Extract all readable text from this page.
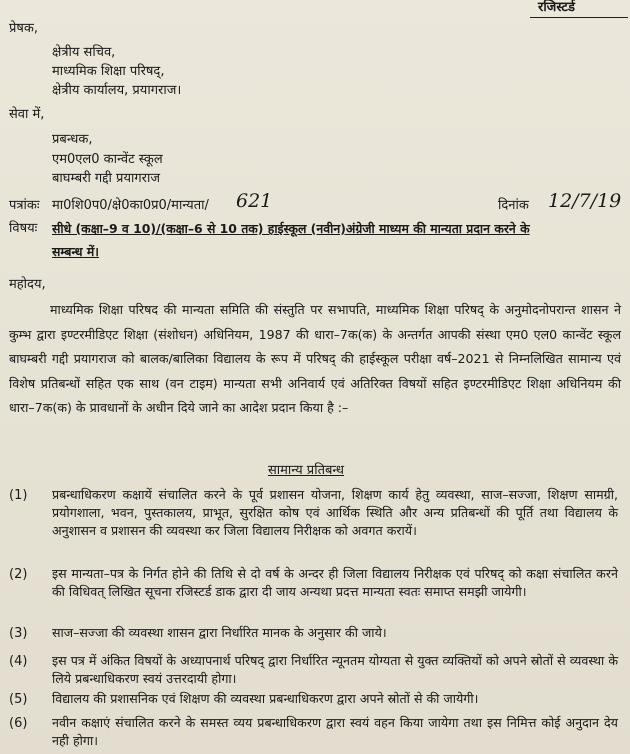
रजिस्टर्ड
प्रेषक,
क्षेत्रीय सचिव,
माध्यमिक शिक्षा परिषद्,
क्षेत्रीय कार्यालय, प्रयागराज।
सेवा में,
प्रबन्धक,
एम0एल0 कान्वेंट स्कूल
बाघम्बरी गद्दी प्रयागराज
पत्रांकः मा0शि0प0/क्षे0का0प्र0/मान्यता/ 621	दिनांक 12/7/19
विषयः सीधे (कक्षा–9 व 10)/(कक्षा–6 से 10 तक) हाईस्कूल (नवीन)अंग्रेजी माध्यम की मान्यता प्रदान करने के
सम्बन्ध में।
महोदय,
माध्यमिक शिक्षा परिषद की मान्यता समिति की संस्तुति पर सभापति, माध्यमिक शिक्षा परिषद् के अनुमोदनोपरान्त शासन ने कुम्भ द्वारा इण्टरमीडिएट शिक्षा (संशोधन) अधिनियम, 1987 की धारा–7क(क) के अन्तर्गत आपकी संस्था एम0 एल0 कान्वेंट स्कूल बाघम्बरी गद्दी प्रयागराज को बालक/बालिका विद्यालय के रूप में परिषद् की हाईस्कूल परीक्षा वर्ष–2021 से निम्नलिखित सामान्य एवं विशेष प्रतिबन्धों सहित एक साथ (वन टाइम) मान्यता सभी अनिवार्य एवं अतिरिक्त विषयों सहित इण्टरमीडिएट शिक्षा अधिनियम की धारा–7क(क) के प्रावधानों के अधीन दिये जाने का आदेश प्रदान किया है :–
सामान्य प्रतिबन्ध
(1) प्रबन्धाधिकरण कक्षायें संचालित करने के पूर्व प्रशासन योजना, शिक्षण कार्य हेतु व्यवस्था, साज–सज्जा, शिक्षण सामग्री, प्रयोगशाला, भवन, पुस्तकालय, प्राभूत, सुरक्षित कोष एवं आर्थिक स्थिति और अन्य प्रतिबन्धों की पूर्ति तथा विद्यालय के अनुशासन व प्रशासन की व्यवस्था कर जिला विद्यालय निरीक्षक को अवगत करायें।
(2) इस मान्यता–पत्र के निर्गत होने की तिथि से दो वर्ष के अन्दर ही जिला विद्यालय निरीक्षक एवं परिषद् को कक्षा संचालित करने की विधिवत् लिखित सूचना रजिस्टर्ड डाक द्वारा दी जाय अन्यथा प्रदत्त मान्यता स्वतः समाप्त समझी जायेगी।
(3) साज–सज्जा की व्यवस्था शासन द्वारा निर्धारित मानक के अनुसार की जाये।
(4) इस पत्र में अंकित विषयों के अध्यापनार्थ परिषद् द्वारा निर्धारित न्यूनतम योग्यता से युक्त व्यक्तियों को अपने स्रोतों से व्यवस्था के लिये प्रबन्धाधिकरण स्वयं उत्तरदायी होगा।
(5) विद्यालय की प्रशासनिक एवं शिक्षण की व्यवस्था प्रबन्धाधिकरण द्वारा अपने स्रोतों से की जायेगी।
(6) नवीन कक्षाएं संचालित करने के समस्त व्यय प्रबन्धाधिकरण द्वारा स्वयं वहन किया जायेगा तथा इस निमित्त कोई अनुदान देय नही होगा।
